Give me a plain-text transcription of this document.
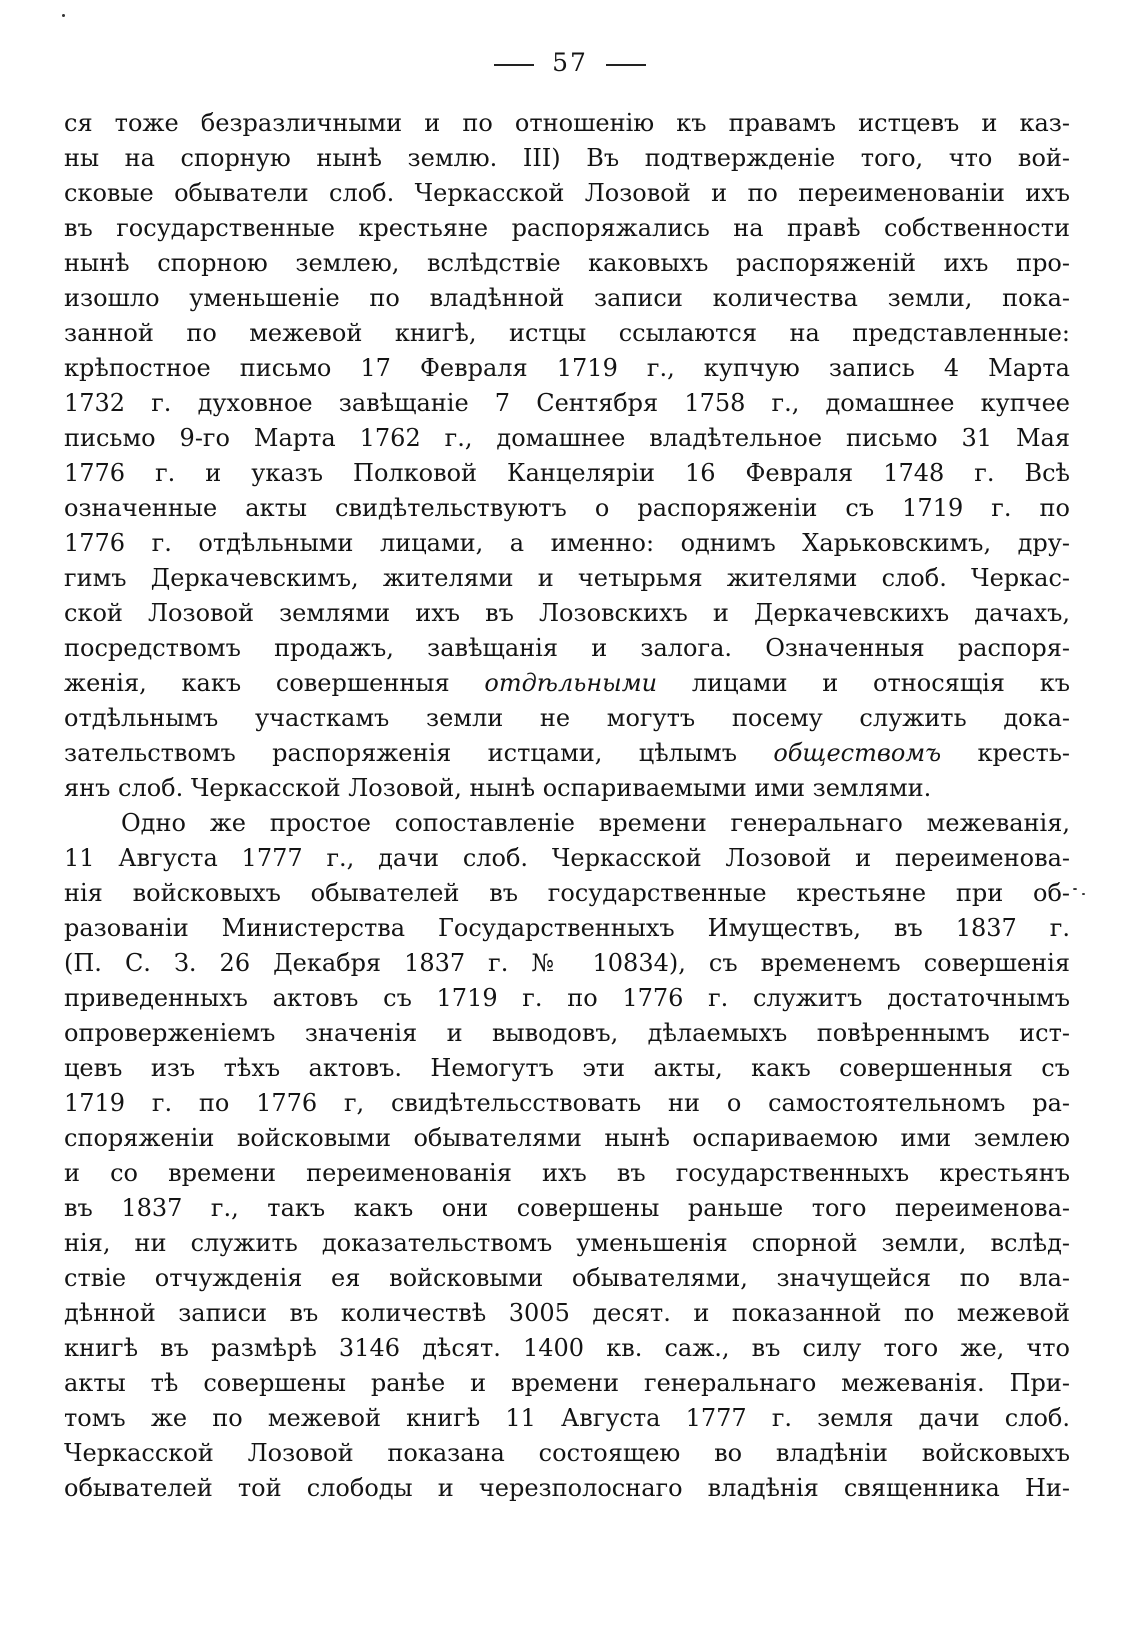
57
ся тоже безразличными и по отношенію къ правамъ истцевъ и каз-
ны на спорную нынѣ землю. III) Въ подтвержденіе того, что вой-
сковые обыватели слоб. Черкасской Лозовой и по переименованіи ихъ
въ государственные крестьяне распоряжались на правѣ собственности
нынѣ спорною землею, вслѣдствіе каковыхъ распоряженій ихъ про-
изошло уменьшеніе по владѣнной записи количества земли, пока-
занной по межевой книгѣ, истцы ссылаются на представленные:
крѣпостное письмо 17 Февраля 1719 г., купчую запись 4 Марта
1732 г. духовное завѣщаніе 7 Сентября 1758 г., домашнее купчее
письмо 9-го Марта 1762 г., домашнее владѣтельное письмо 31 Мая
1776 г. и указъ Полковой Канцеляріи 16 Февраля 1748 г. Всѣ
означенные акты свидѣтельствуютъ о распоряженіи съ 1719 г. по
1776 г. отдѣльными лицами, а именно: однимъ Харьковскимъ, дру-
гимъ Деркачевскимъ, жителями и четырьмя жителями слоб. Черкас-
ской Лозовой землями ихъ въ Лозовскихъ и Деркачевскихъ дачахъ,
посредствомъ продажъ, завѣщанія и залога. Означенныя распоря-
женія, какъ совершенныя отдѣльными лицами и относящія къ
отдѣльнымъ участкамъ земли не могутъ посему служить дока-
зательствомъ распоряженія истцами, цѣлымъ обществомъ кресть-
янъ слоб. Черкасской Лозовой, нынѣ оспариваемыми ими землями.
Одно же простое сопоставленіе времени генеральнаго межеванія,
11 Августа 1777 г., дачи слоб. Черкасской Лозовой и переименова-
нія войсковыхъ обывателей въ государственные крестьяне при об-
разованіи Министерства Государственныхъ Имуществъ, въ 1837 г.
(П. С. З. 26 Декабря 1837 г. № 10834), съ временемъ совершенія
приведенныхъ актовъ съ 1719 г. по 1776 г. служитъ достаточнымъ
опроверженіемъ значенія и выводовъ, дѣлаемыхъ повѣреннымъ ист-
цевъ изъ тѣхъ актовъ. Немогутъ эти акты, какъ совершенныя съ
1719 г. по 1776 г, свидѣтельсствовать ни о самостоятельномъ ра-
споряженіи войсковыми обывателями нынѣ оспариваемою ими землею
и со времени переименованія ихъ въ государственныхъ крестьянъ
въ 1837 г., такъ какъ они совершены раньше того переименова-
нія, ни служить доказательствомъ уменьшенія спорной земли, вслѣд-
ствіе отчужденія ея войсковыми обывателями, значущейся по вла-
дѣнной записи въ количествѣ 3005 десят. и показанной по межевой
книгѣ въ размѣрѣ 3146 дѣсят. 1400 кв. саж., въ силу того же, что
акты тѣ совершены ранѣе и времени генеральнаго межеванія. При-
томъ же по межевой книгѣ 11 Августа 1777 г. земля дачи слоб.
Черкасской Лозовой показана состоящею во владѣніи войсковыхъ
обывателей той слободы и черезполоснаго владѣнія священника Ни-
